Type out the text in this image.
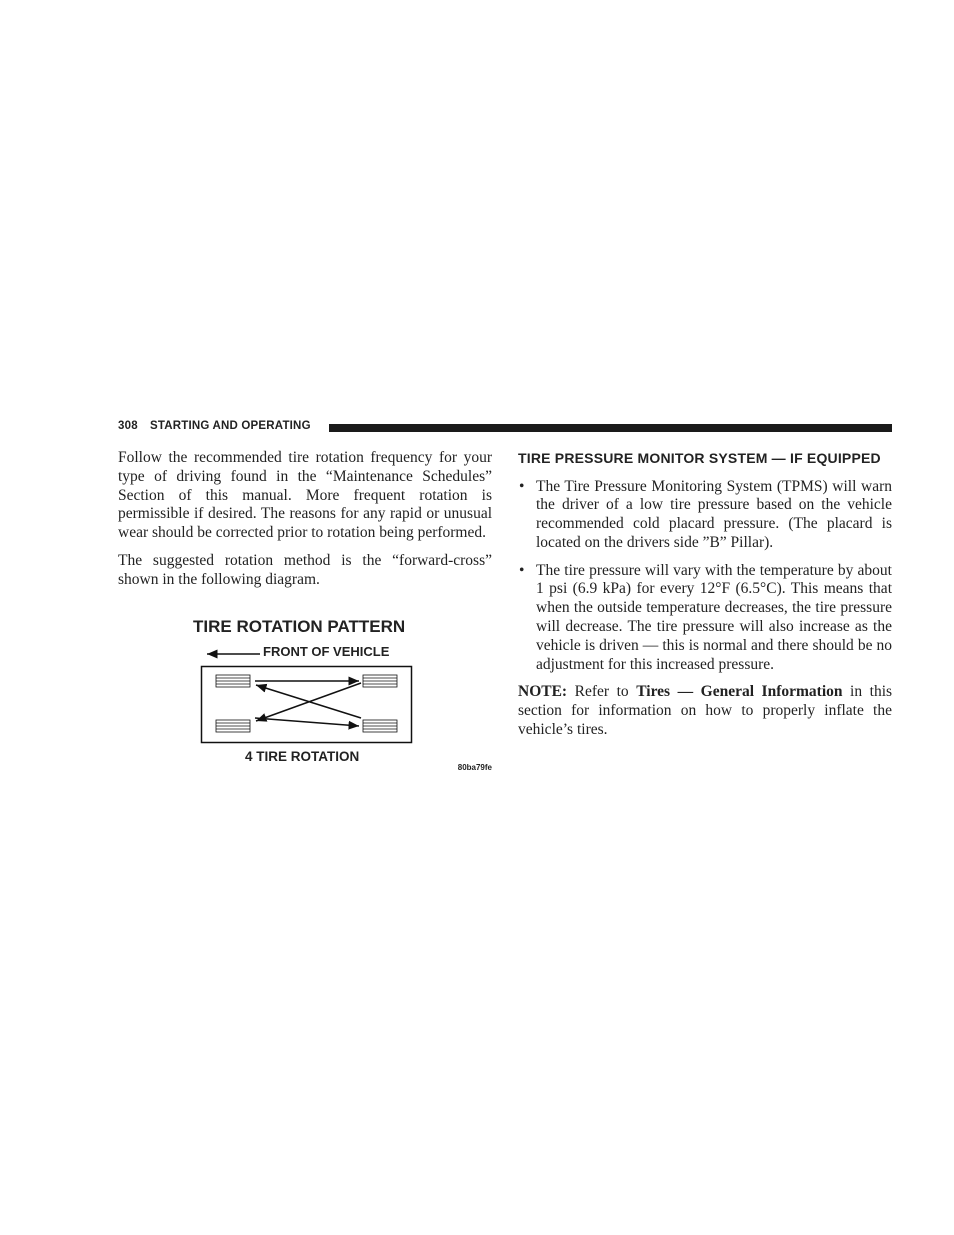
308 STARTING AND OPERATING

Follow the recommended tire rotation frequency for your type of driving found in the “Maintenance Schedules” Section of this manual. More frequent rotation is permissible if desired. The reasons for any rapid or unusual wear should be corrected prior to rotation being performed.

The suggested rotation method is the “forward-cross” shown in the following diagram.

TIRE ROTATION PATTERN
FRONT OF VEHICLE
4 TIRE ROTATION
80ba79fe
TIRE PRESSURE MONITOR SYSTEM — IF EQUIPPED
• The Tire Pressure Monitoring System (TPMS) will warn the driver of a low tire pressure based on the vehicle recommended cold placard pressure. (The placard is located on the drivers side ”B” Pillar).
• The tire pressure will vary with the temperature by about 1 psi (6.9 kPa) for every 12°F (6.5°C). This means that when the outside temperature decreases, the tire pressure will decrease. The tire pressure will also increase as the vehicle is driven — this is normal and there should be no adjustment for this increased pressure.

NOTE: Refer to Tires — General Information in this section for information on how to properly inflate the vehicle’s tires.
